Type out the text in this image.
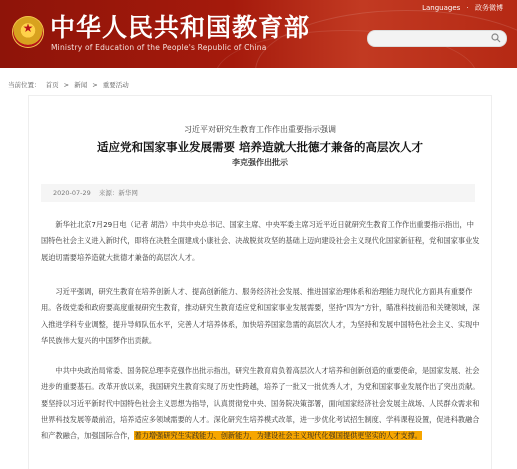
★ 中华人民共和国教育部
Ministry of Education of the People's Republic of China
Languages · 政务微博
当前位置： 首页 > 新闻 > 重要活动
习近平对研究生教育工作作出重要指示强调
适应党和国家事业发展需要 培养造就大批德才兼备的高层次人才
李克强作出批示
2020-07-29 来源：新华网
新华社北京7月29日电（记者 胡浩）中共中央总书记、国家主席、中央军委主席习近平近日就研究生教育工作作出重要指示指出，中国特色社会主义进入新时代，即将在决胜全面建成小康社会、决战脱贫攻坚的基础上迈向建设社会主义现代化国家新征程，党和国家事业发展迫切需要培养造就大批德才兼备的高层次人才。
习近平强调，研究生教育在培养创新人才、提高创新能力、服务经济社会发展、推进国家治理体系和治理能力现代化方面具有重要作用。各级党委和政府要高度重视研究生教育，推动研究生教育适应党和国家事业发展需要，坚持“四为”方针，瞄准科技前沿和关键领域，深入推进学科专业调整，提升导师队伍水平，完善人才培养体系，加快培养国家急需的高层次人才，为坚持和发展中国特色社会主义、实现中华民族伟大复兴的中国梦作出贡献。
中共中央政治局常委、国务院总理李克强作出批示指出，研究生教育肩负着高层次人才培养和创新创造的重要使命，是国家发展、社会进步的重要基石。改革开放以来，我国研究生教育实现了历史性跨越，培养了一批又一批优秀人才，为党和国家事业发展作出了突出贡献。要坚持以习近平新时代中国特色社会主义思想为指导，认真贯彻党中央、国务院决策部署，面向国家经济社会发展主战场、人民群众需求和世界科技发展等最前沿，培养适应多领域需要的人才。深化研究生培养模式改革，进一步优化考试招生制度、学科课程设置，促进科教融合和产教融合，加强国际合作，着力增强研究生实践能力、创新能力，为建设社会主义现代化强国提供更坚实的人才支撑。
